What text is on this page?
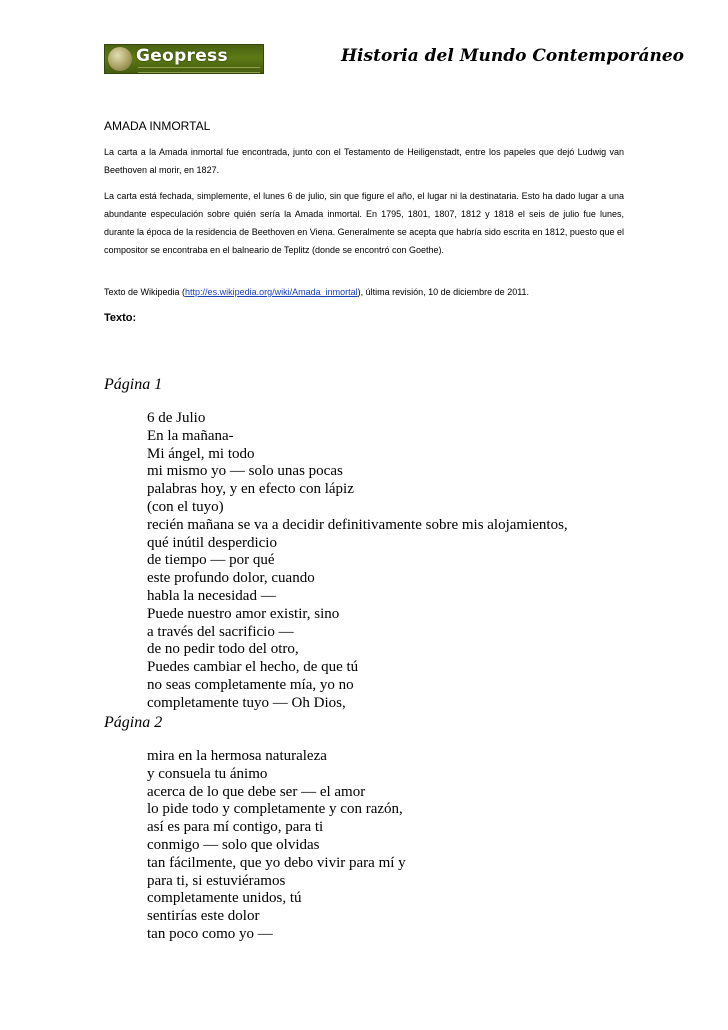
Geopress	Historia del Mundo Contemporáneo
AMADA INMORTAL

La carta a la Amada inmortal fue encontrada, junto con el Testamento de Heiligenstadt, entre los papeles que dejó Ludwig van Beethoven al morir, en 1827.

La carta está fechada, simplemente, el lunes 6 de julio, sin que figure el año, el lugar ni la destinataria. Esto ha dado lugar a una abundante especulación sobre quién sería la Amada inmortal. En 1795, 1801, 1807, 1812 y 1818 el seis de julio fue lunes, durante la época de la residencia de Beethoven en Viena. Generalmente se acepta que habría sido escrita en 1812, puesto que el compositor se encontraba en el balneario de Teplitz (donde se encontró con Goethe).

Texto de Wikipedia (http://es.wikipedia.org/wiki/Amada_inmortal), última revisión, 10 de diciembre de 2011.

Texto:
Página 1
6 de Julio
En la mañana-
Mi ángel, mi todo
mi mismo yo — solo unas pocas
palabras hoy, y en efecto con lápiz
(con el tuyo)
recién mañana se va a decidir definitivamente sobre mis alojamientos,
qué inútil desperdicio
de tiempo — por qué
este profundo dolor, cuando
habla la necesidad —
Puede nuestro amor existir, sino
a través del sacrificio —
de no pedir todo del otro,
Puedes cambiar el hecho, de que tú
no seas completamente mía, yo no
completamente tuyo — Oh Dios,
Página 2
mira en la hermosa naturaleza
y consuela tu ánimo
acerca de lo que debe ser — el amor
lo pide todo y completamente y con razón,
así es para mí contigo, para ti
conmigo — solo que olvidas
tan fácilmente, que yo debo vivir para mí y
para ti, si estuviéramos
completamente unidos, tú
sentirías este dolor
tan poco como yo —
